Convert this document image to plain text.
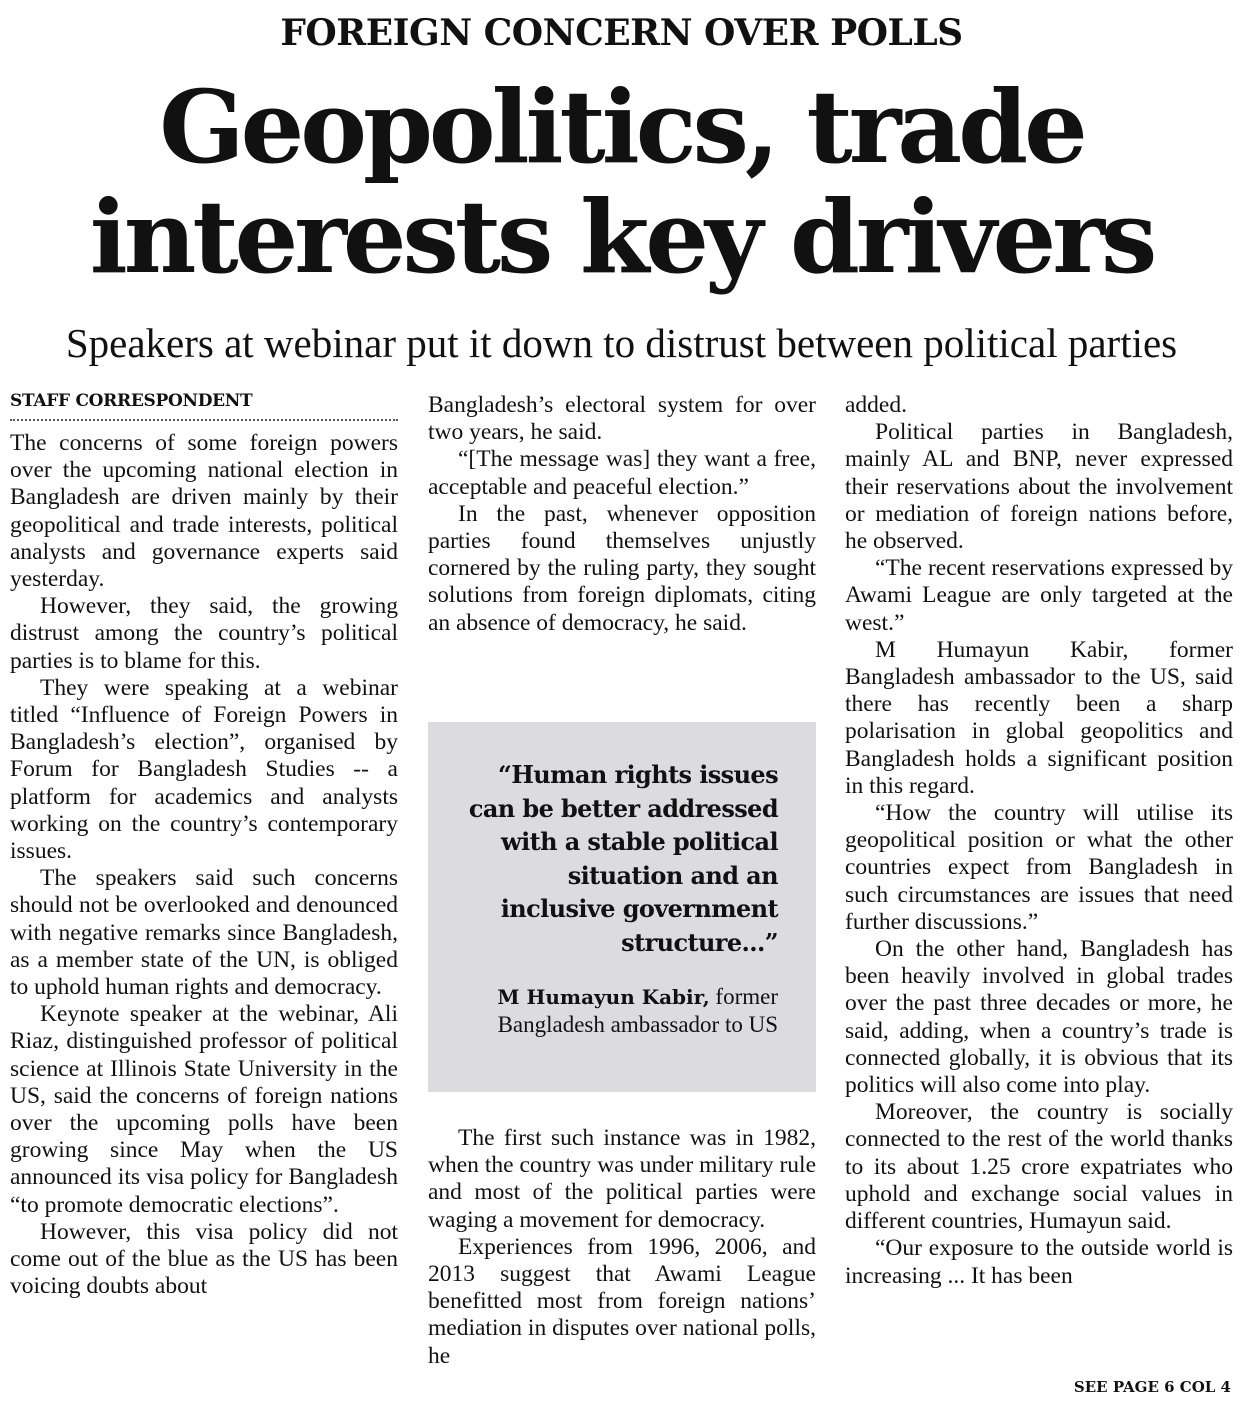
FOREIGN CONCERN OVER POLLS
Geopolitics, trade
interests key drivers
Speakers at webinar put it down to distrust between political parties
STAFF CORRESPONDENT

The concerns of some foreign powers over the upcoming national election in Bangladesh are driven mainly by their geopolitical and trade interests, political analysts and governance experts said yesterday.

However, they said, the growing distrust among the country’s political parties is to blame for this.

They were speaking at a webinar titled “Influence of Foreign Powers in Bangladesh’s election”, organised by Forum for Bangladesh Studies -- a platform for academics and analysts working on the country’s contemporary issues.

The speakers said such concerns should not be overlooked and denounced with negative remarks since Bangladesh, as a member state of the UN, is obliged to uphold human rights and democracy.

Keynote speaker at the webinar, Ali Riaz, distinguished professor of political science at Illinois State University in the US, said the concerns of foreign nations over the upcoming polls have been growing since May when the US announced its visa policy for Bangladesh “to promote democratic elections”.

However, this visa policy did not come out of the blue as the US has been voicing doubts about

Bangladesh’s electoral system for over two years, he said.

“[The message was] they want a free, acceptable and peaceful election.”

In the past, whenever opposition parties found themselves unjustly cornered by the ruling party, they sought solutions from foreign diplomats, citing an absence of democracy, he said.

“Human rights issues can be better addressed with a stable political situation and an inclusive government structure...”
M Humayun Kabir, former Bangladesh ambassador to US

The first such instance was in 1982, when the country was under military rule and most of the political parties were waging a movement for democracy.

Experiences from 1996, 2006, and 2013 suggest that Awami League benefitted most from foreign nations’ mediation in disputes over national polls, he

added.

Political parties in Bangladesh, mainly AL and BNP, never expressed their reservations about the involvement or mediation of foreign nations before, he observed.

“The recent reservations expressed by Awami League are only targeted at the west.”

M Humayun Kabir, former Bangladesh ambassador to the US, said there has recently been a sharp polarisation in global geopolitics and Bangladesh holds a significant position in this regard.

“How the country will utilise its geopolitical position or what the other countries expect from Bangladesh in such circumstances are issues that need further discussions.”

On the other hand, Bangladesh has been heavily involved in global trades over the past three decades or more, he said, adding, when a country’s trade is connected globally, it is obvious that its politics will also come into play.

Moreover, the country is socially connected to the rest of the world thanks to its about 1.25 crore expatriates who uphold and exchange social values in different countries, Humayun said.

“Our exposure to the outside world is increasing ... It has been

SEE PAGE 6 COL 4
